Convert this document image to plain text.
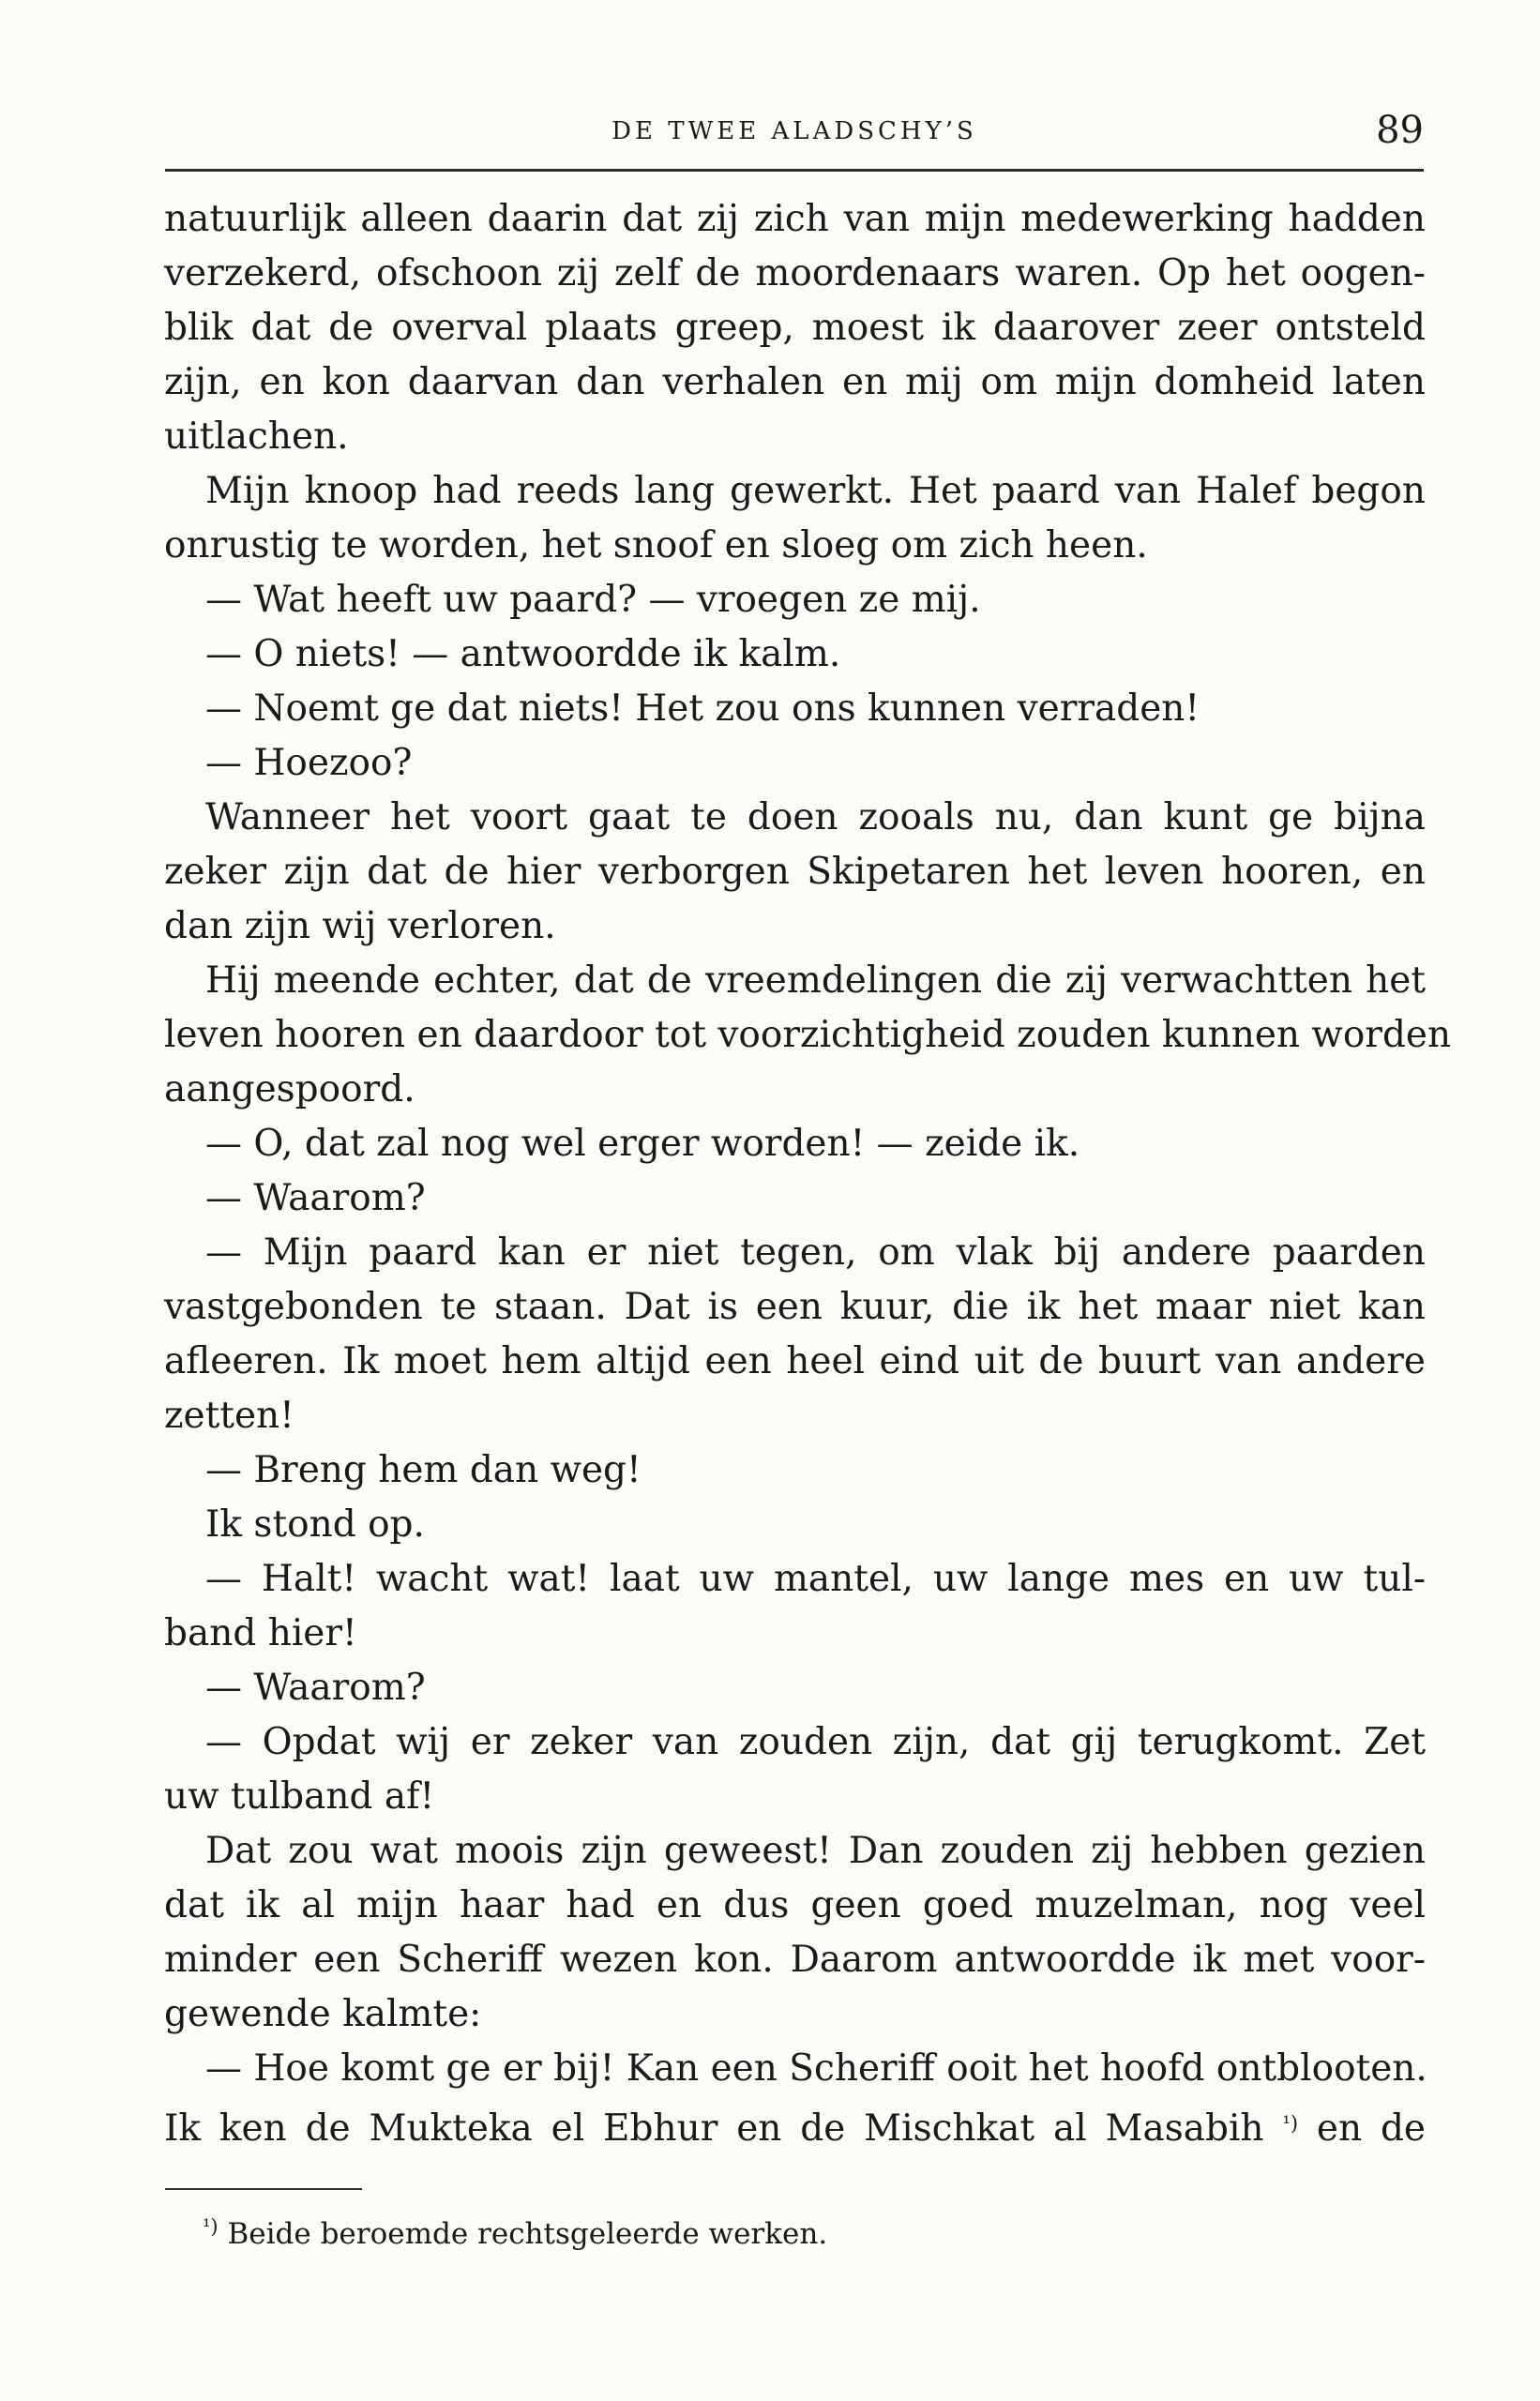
DE TWEE ALADSCHY’S	89
natuurlijk alleen daarin dat zij zich van mijn medewerking hadden
verzekerd, ofschoon zij zelf de moordenaars waren. Op het oogen-
blik dat de overval plaats greep, moest ik daarover zeer ontsteld
zijn, en kon daarvan dan verhalen en mij om mijn domheid laten
uitlachen.
Mijn knoop had reeds lang gewerkt. Het paard van Halef begon
onrustig te worden, het snoof en sloeg om zich heen.
— Wat heeft uw paard? — vroegen ze mij.
— O niets! — antwoordde ik kalm.
— Noemt ge dat niets! Het zou ons kunnen verraden!
— Hoezoo?
Wanneer het voort gaat te doen zooals nu, dan kunt ge bijna
zeker zijn dat de hier verborgen Skipetaren het leven hooren, en
dan zijn wij verloren.
Hij meende echter, dat de vreemdelingen die zij verwachtten het
leven hooren en daardoor tot voorzichtigheid zouden kunnen worden
aangespoord.
— O, dat zal nog wel erger worden! — zeide ik.
— Waarom?
— Mijn paard kan er niet tegen, om vlak bij andere paarden
vastgebonden te staan. Dat is een kuur, die ik het maar niet kan
afleeren. Ik moet hem altijd een heel eind uit de buurt van andere
zetten!
— Breng hem dan weg!
Ik stond op.
— Halt! wacht wat! laat uw mantel, uw lange mes en uw tul-
band hier!
— Waarom?
— Opdat wij er zeker van zouden zijn, dat gij terugkomt. Zet
uw tulband af!
Dat zou wat moois zijn geweest! Dan zouden zij hebben gezien
dat ik al mijn haar had en dus geen goed muzelman, nog veel
minder een Scheriff wezen kon. Daarom antwoordde ik met voor-
gewende kalmte:
— Hoe komt ge er bij! Kan een Scheriff ooit het hoofd ontblooten.
Ik ken de Mukteka el Ebhur en de Mischkat al Masabih $^{^1)}$ en de
$^{^1)}$ Beide beroemde rechtsgeleerde werken.
